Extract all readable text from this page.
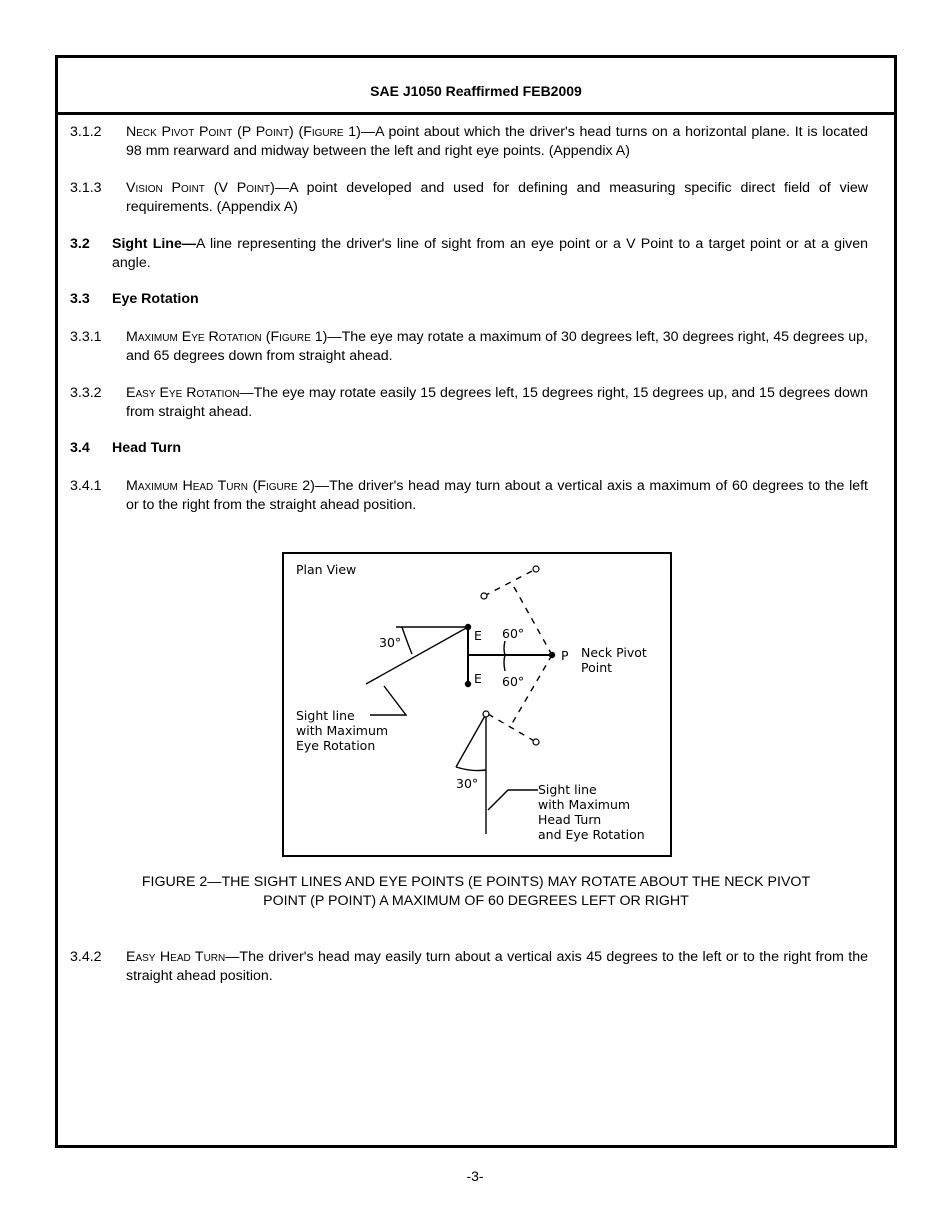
SAE J1050 Reaffirmed FEB2009
3.1.2 Neck Pivot Point (P Point) (Figure 1)—A point about which the driver's head turns on a horizontal plane. It is located 98 mm rearward and midway between the left and right eye points. (Appendix A)
3.1.3 Vision Point (V Point)—A point developed and used for defining and measuring specific direct field of view requirements. (Appendix A)
3.2 Sight Line—A line representing the driver's line of sight from an eye point or a V Point to a target point or at a given angle.
3.3 Eye Rotation
3.3.1 Maximum Eye Rotation (Figure 1)—The eye may rotate a maximum of 30 degrees left, 30 degrees right, 45 degrees up, and 65 degrees down from straight ahead.
3.3.2 Easy Eye Rotation—The eye may rotate easily 15 degrees left, 15 degrees right, 15 degrees up, and 15 degrees down from straight ahead.
3.4 Head Turn
3.4.1 Maximum Head Turn (Figure 2)—The driver's head may turn about a vertical axis a maximum of 60 degrees to the left or to the right from the straight ahead position.
Plan View
30°	E
E
60°
60°
P Neck Pivot
Point
Sight line
with Maximum
Eye Rotation
30°	Sight line
with Maximum
Head Turn
and Eye Rotation
FIGURE 2—THE SIGHT LINES AND EYE POINTS (E POINTS) MAY ROTATE ABOUT THE NECK PIVOT
POINT (P POINT) A MAXIMUM OF 60 DEGREES LEFT OR RIGHT
3.4.2 Easy Head Turn—The driver's head may easily turn about a vertical axis 45 degrees to the left or to the right from the straight ahead position.
-3-
